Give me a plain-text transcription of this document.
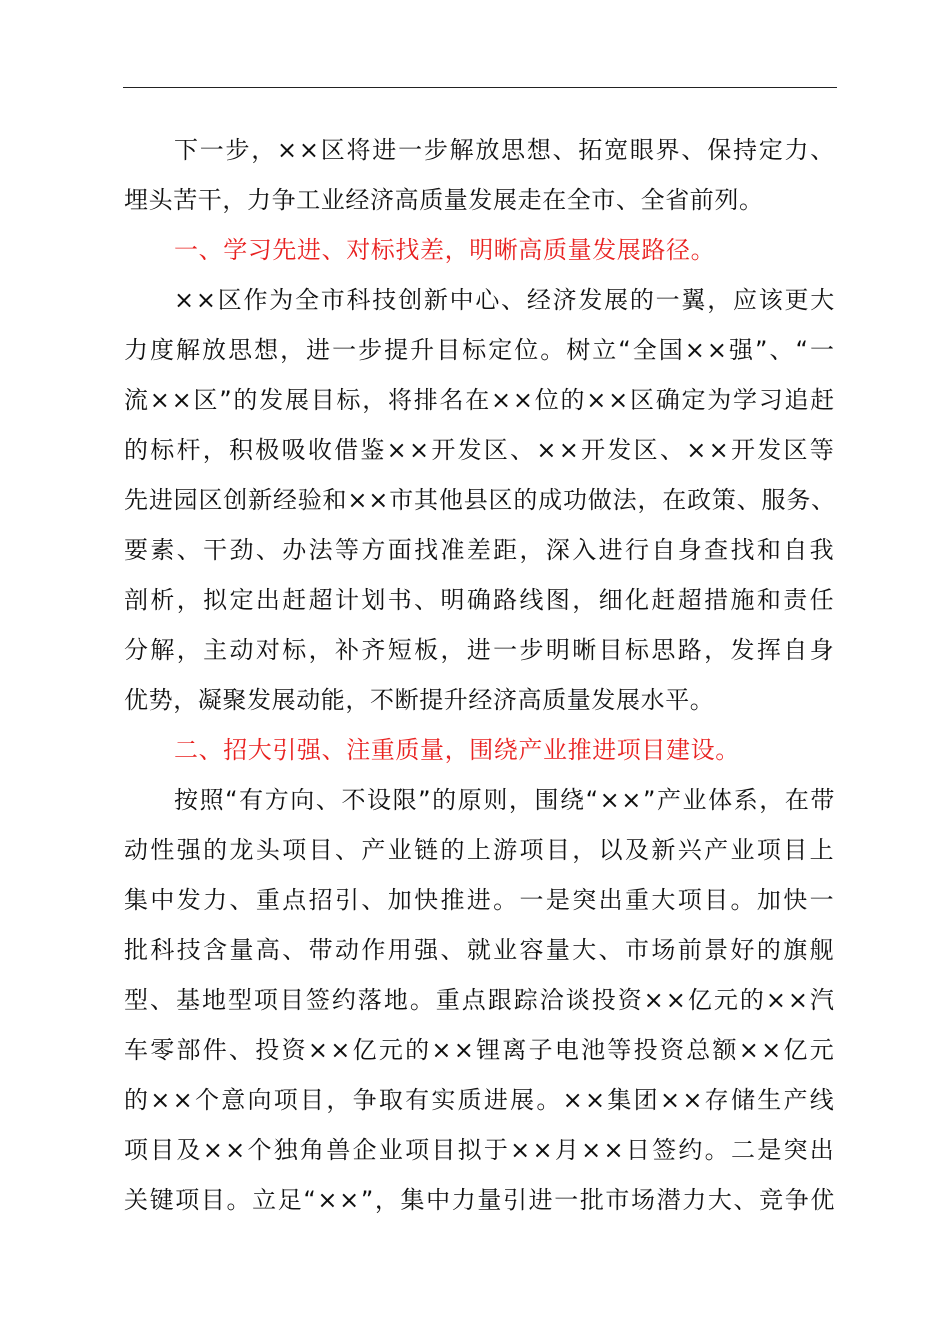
下一步，××区将进一步解放思想、拓宽眼界、保持定力、
埋头苦干，力争工业经济高质量发展走在全市、全省前列。
一、学习先进、对标找差，明晰高质量发展路径。
××区作为全市科技创新中心、经济发展的一翼，应该更大
力度解放思想，进一步提升目标定位。树立“全国××强”、“一
流××区”的发展目标，将排名在××位的××区确定为学习追赶
的标杆，积极吸收借鉴××开发区、××开发区、××开发区等
先进园区创新经验和××市其他县区的成功做法，在政策、服务、
要素、干劲、办法等方面找准差距，深入进行自身查找和自我
剖析，拟定出赶超计划书、明确路线图，细化赶超措施和责任
分解，主动对标，补齐短板，进一步明晰目标思路，发挥自身
优势，凝聚发展动能，不断提升经济高质量发展水平。
二、招大引强、注重质量，围绕产业推进项目建设。
按照“有方向、不设限”的原则，围绕“××”产业体系，在带
动性强的龙头项目、产业链的上游项目，以及新兴产业项目上
集中发力、重点招引、加快推进。一是突出重大项目。加快一
批科技含量高、带动作用强、就业容量大、市场前景好的旗舰
型、基地型项目签约落地。重点跟踪洽谈投资××亿元的××汽
车零部件、投资××亿元的××锂离子电池等投资总额××亿元
的××个意向项目，争取有实质进展。××集团××存储生产线
项目及××个独角兽企业项目拟于××月××日签约。二是突出
关键项目。立足“××”，集中力量引进一批市场潜力大、竞争优
